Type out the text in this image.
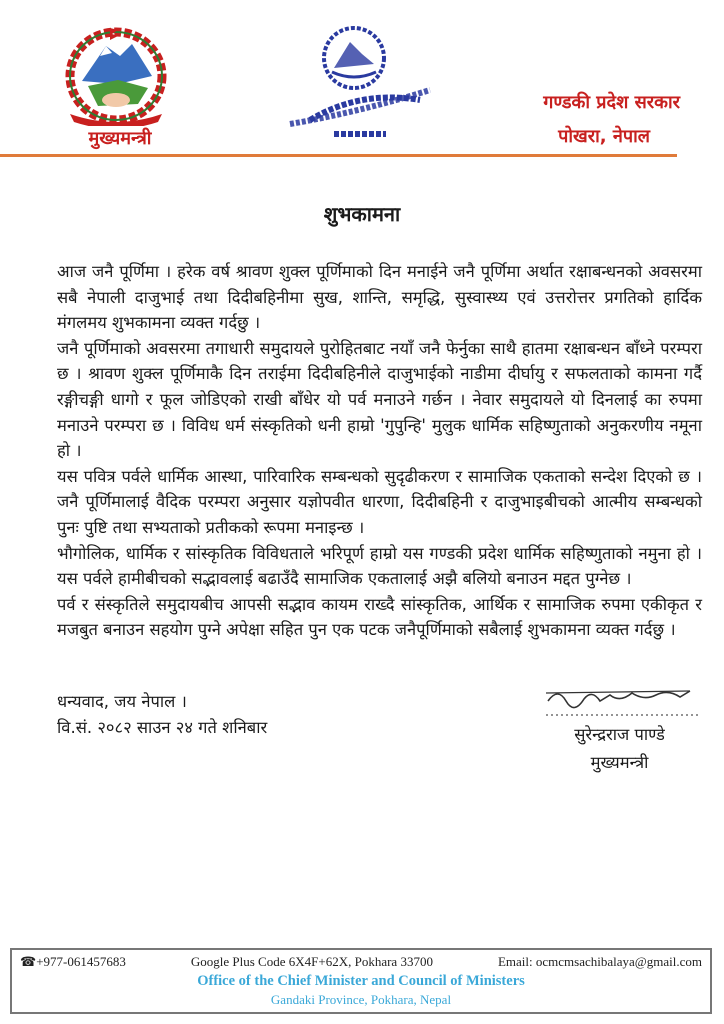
मुख्यमन्त्री
गण्डकी प्रदेश सरकार
पोखरा, नेपाल
शुभकामना

आज जनै पूर्णिमा । हरेक वर्ष श्रावण शुक्ल पूर्णिमाको दिन मनाईने जनै पूर्णिमा अर्थात रक्षाबन्धनको अवसरमा सबै नेपाली दाजुभाई तथा दिदीबहिनीमा सुख, शान्ति, समृद्धि, सुस्वास्थ्य एवं उत्तरोत्तर प्रगतिको हार्दिक मंगलमय शुभकामना व्यक्त गर्दछु ।

जनै पूर्णिमाको अवसरमा तगाधारी समुदायले पुरोहितबाट नयाँ जनै फेर्नुका साथै हातमा रक्षाबन्धन बाँध्ने परम्परा छ । श्रावण शुक्ल पूर्णिमाकै दिन तराईमा दिदीबहिनीले दाजुभाईको नाडीमा दीर्घायु र सफलताको कामना गर्दै रङ्गीचङ्गी धागो र फूल जोडिएको राखी बाँधेर यो पर्व मनाउने गर्छन । नेवार समुदायले यो दिनलाई का रुपमा मनाउने परम्परा छ । विविध धर्म संस्कृतिको धनी हाम्रो 'गुपुन्हि' मुलुक धार्मिक सहिष्णुताको अनुकरणीय नमूना हो ।

यस पवित्र पर्वले धार्मिक आस्था, पारिवारिक सम्बन्धको सुदृढीकरण र सामाजिक एकताको सन्देश दिएको छ । जनै पूर्णिमालाई वैदिक परम्परा अनुसार यज्ञोपवीत धारणा, दिदीबहिनी र दाजुभाइबीचको आत्मीय सम्बन्धको पुनः पुष्टि तथा सभ्यताको प्रतीकको रूपमा मनाइन्छ ।

भौगोलिक, धार्मिक र सांस्कृतिक विविधताले भरिपूर्ण हाम्रो यस गण्डकी प्रदेश धार्मिक सहिष्णुताको नमुना हो । यस पर्वले हामीबीचको सद्भावलाई बढाउँदै सामाजिक एकतालाई अझै बलियो बनाउन मद्दत पुग्नेछ ।

पर्व र संस्कृतिले समुदायबीच आपसी सद्भाव कायम राख्दै सांस्कृतिक, आर्थिक र सामाजिक रुपमा एकीकृत र मजबुत बनाउन सहयोग पुग्ने अपेक्षा सहित पुन एक पटक जनैपूर्णिमाको सबैलाई शुभकामना व्यक्त गर्दछु ।

धन्यवाद, जय नेपाल ।
वि.सं. २०८२ साउन २४ गते शनिबार	सुरेन्द्रराज पाण्डे
मुख्यमन्त्री
☎+977-061457683	Google Plus Code 6X4F+62X, Pokhara 33700	Email: ocmcmsachibalaya@gmail.com
Office of the Chief Minister and Council of Ministers
Gandaki Province, Pokhara, Nepal
